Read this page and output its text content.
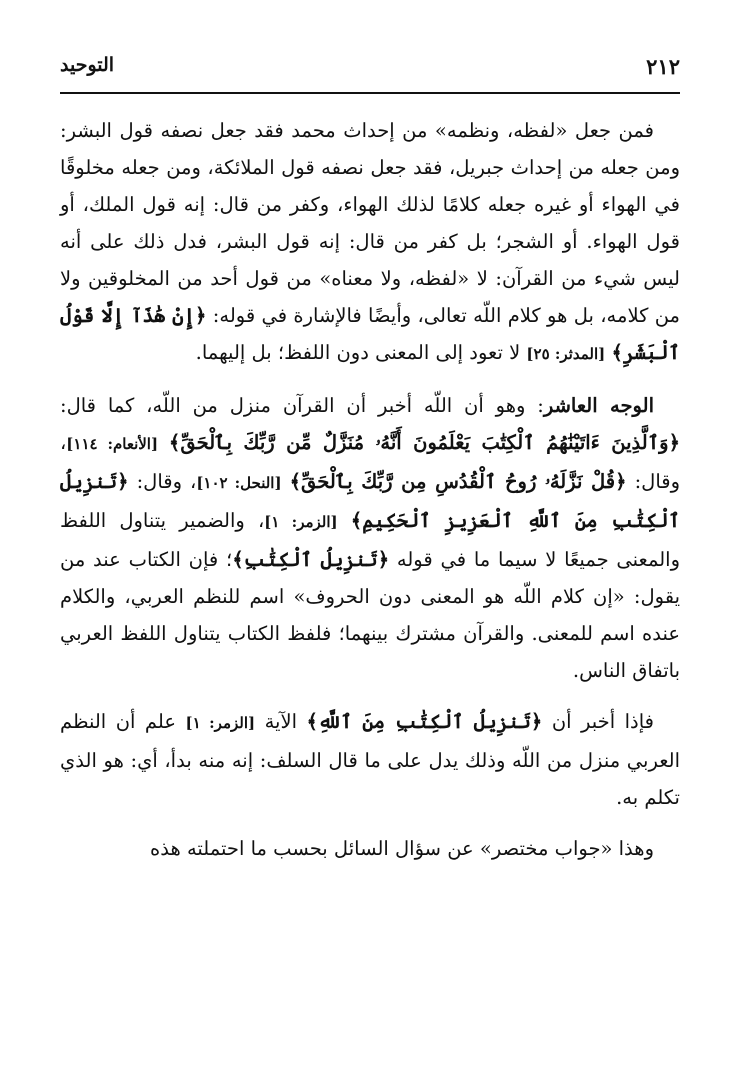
٢١٢
التوحيد

فمن جعل «لفظه، ونظمه» من إحداث محمد فقد جعل نصفه قول البشر: ومن جعله من إحداث جبريل، فقد جعل نصفه قول الملائكة، ومن جعله مخلوقًا في الهواء أو غيره جعله كلامًا لذلك الهواء، وكفر من قال: إنه قول الملك، أو قول الهواء. أو الشجر؛ بل كفر من قال: إنه قول البشر، فدل ذلك على أنه ليس شيء من القرآن: لا «لفظه، ولا معناه» من قول أحد من المخلوقين ولا من كلامه، بل هو كلام اللّه تعالى، وأيضًا فالإشارة في قوله: ﴿إِنْ هَٰذَآ إِلَّا قَوْلُ ٱلْبَشَرِ﴾ [المدثر: ٢٥] لا تعود إلى المعنى دون اللفظ؛ بل إليهما.

الوجه العاشر: وهو أن اللّه أخبر أن القرآن منزل من اللّه، كما قال: ﴿وَٱلَّذِينَ ءَاتَيْنَٰهُمُ ٱلْكِتَٰبَ يَعْلَمُونَ أَنَّهُۥ مُنَزَّلٌ مِّن رَّبِّكَ بِٱلْحَقِّ﴾ [الأنعام: ١١٤]، وقال: ﴿قُلْ نَزَّلَهُۥ رُوحُ ٱلْقُدُسِ مِن رَّبِّكَ بِٱلْحَقِّ﴾ [النحل: ١٠٢]، وقال: ﴿تَنزِيلُ ٱلْكِتَٰبِ مِنَ ٱللَّهِ ٱلْعَزِيزِ ٱلْحَكِيمِ﴾ [الزمر: ١]، والضمير يتناول اللفظ والمعنى جميعًا لا سيما ما في قوله ﴿تَنزِيلُ ٱلْكِتَٰبِ﴾؛ فإن الكتاب عند من يقول: «إن كلام اللّه هو المعنى دون الحروف» اسم للنظم العربي، والكلام عنده اسم للمعنى. والقرآن مشترك بينهما؛ فلفظ الكتاب يتناول اللفظ العربي باتفاق الناس.

فإذا أخبر أن ﴿تَنزِيلُ ٱلْكِتَٰبِ مِنَ ٱللَّهِ﴾ الآية [الزمر: ١] علم أن النظم العربي منزل من اللّه وذلك يدل على ما قال السلف: إنه منه بدأ، أي: هو الذي تكلم به.

وهذا «جواب مختصر» عن سؤال السائل بحسب ما احتملته هذه
